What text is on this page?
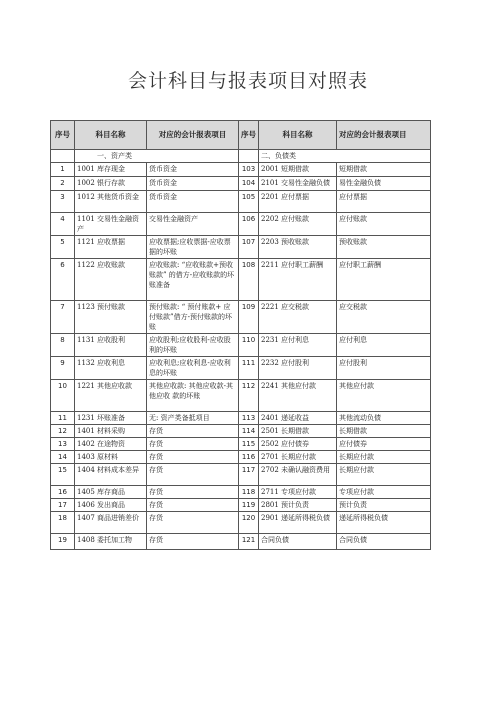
会计科目与报表项目对照表
序号	科目名称	对应的会计报表项目	序号	科目名称	对应的会计报表项目
	一、资产类			二、负债类	
1	1001 库存现金	货币资金	103	2001 短期借款	短期借款
2	1002 银行存款	货币资金	104	2101 交易性金融负债	易性金融负债
3	1012 其他货币资金	货币资金	105	2201 应付票据	应付票据
4	1101 交易性金融资产	交易性金融资产	106	2202 应付账款	应付账款
5	1121 应收票据	应收票据;应收票据-应收票据的坏账	107	2203 预收账款	预收账款
6	1122 应收账款	应收账款: “应收账款+预收账款” 的借方-应收账款的坏账准备	108	2211 应付职工薪酬	应付职工薪酬
7	1123 预付账款	预付账款: “ 预付账款+ 应付账款”借方-预付账款的坏账	109	2221 应交税款	应交税款
8	1131 应收股利	应收股利;应收股利-应收股利的坏账	110	2231 应付利息	应付利息
9	1132 应收利息	应收利息;应收利息-应收利息的坏账	111	2232 应付股利	应付股利
10	1221 其他应收款	其他应收款: 其他应收款-其他应收 款的坏账	112	2241 其他应付款	其他应付款
11	1231 坏账准备	无: 资产类备抵项目	113	2401 递延收益	其他流动负债
12	1401 材料采购	存货	114	2501 长期借款	长期借款
13	1402 在途物资	存货	115	2502 应付债券	应付债券
14	1403 原材料	存货	116	2701 长期应付款	长期应付款
15	1404 材料成本差异	存货	117	2702 未确认融资费用	长期应付款
16	1405 库存商品	存货	118	2711 专项应付款	专项应付款
17	1406 发出商品	存货	119	2801 预计负责	预计负责
18	1407 商品进销差价	存货	120	2901 递延所得税负债	递延所得税负债
19	1408 委托加工物	存货	121	合同负债	合同负债
